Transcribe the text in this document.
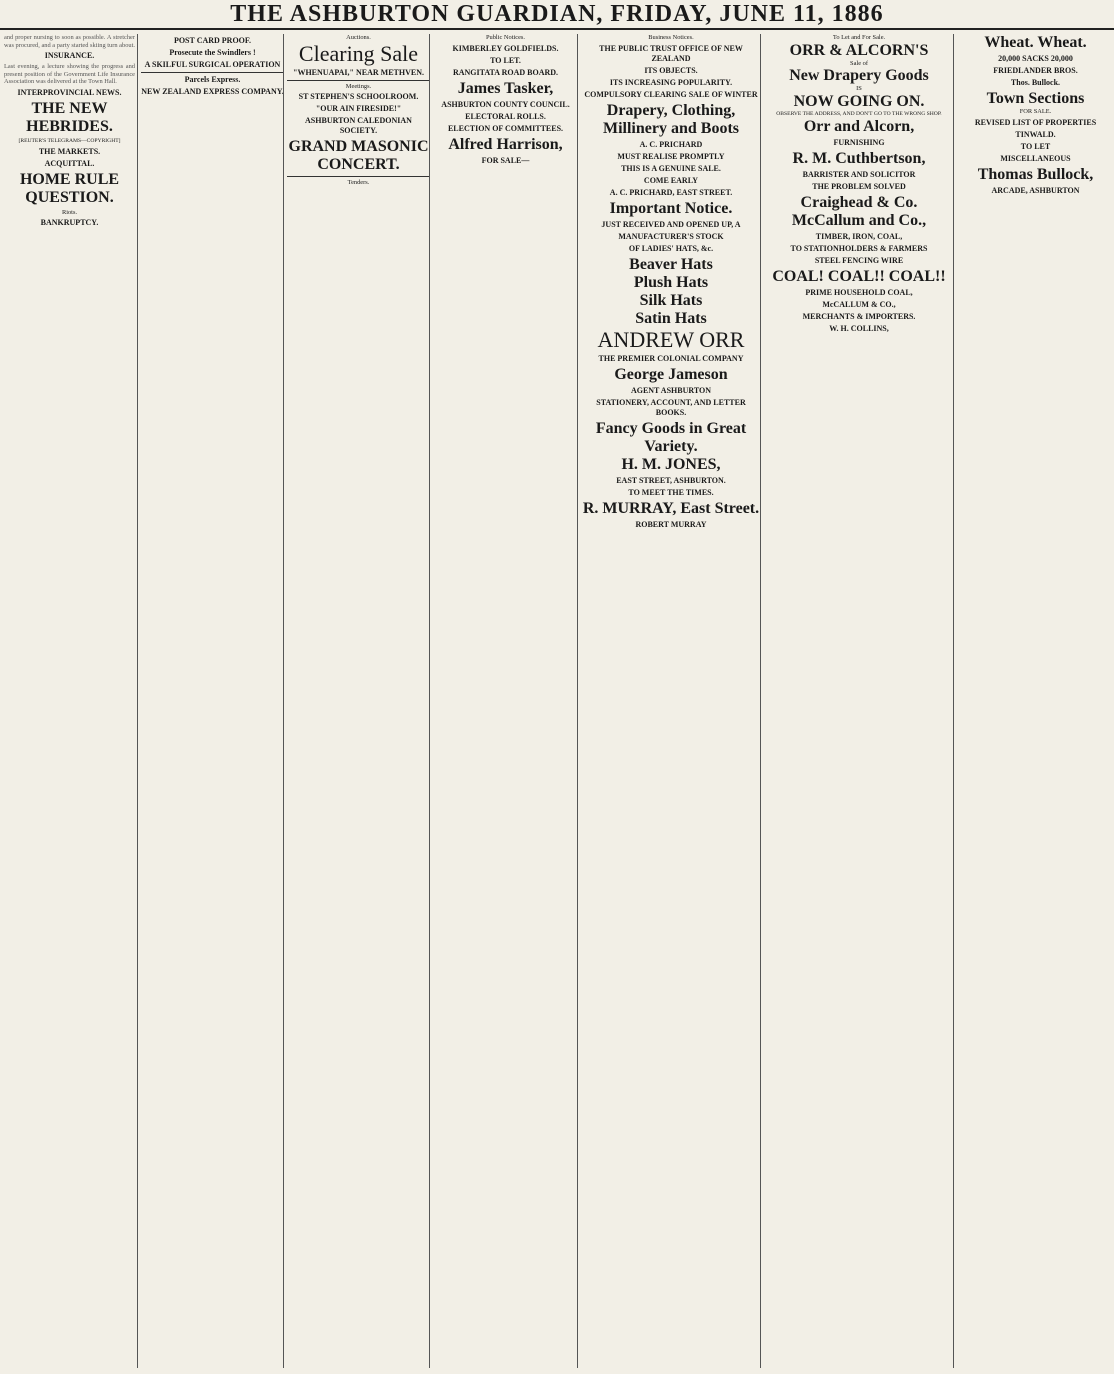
THE ASHBURTON GUARDIAN, FRIDAY, JUNE 11, 1886
and proper nursing to soon as possible. A stretcher was procured, and a party started skiing turn about.
INSURANCE.
Last evening, a lecture showing the progress and present position of the Government Life Insurance Association was delivered at the Town Hall.
INTERPROVINCIAL NEWS.
THE NEW HEBRIDES.
[REUTER'S TELEGRAMS—COPYRIGHT]
THE MARKETS.
ACQUITTAL.
HOME RULE QUESTION.
Riots.
BANKRUPTCY.
POST CARD PROOF.
Prosecute the Swindlers !
A SKILFUL SURGICAL OPERATION
Parcels Express.
NEW ZEALAND EXPRESS COMPANY.
Auctions.
Clearing Sale
"WHENUAPAI," NEAR METHVEN.
Meetings.
ST STEPHEN'S SCHOOLROOM.
"OUR AIN FIRESIDE!"
ASHBURTON CALEDONIAN SOCIETY.
GRAND MASONIC CONCERT.
Tenders.
Public Notices.
KIMBERLEY GOLDFIELDS.
TO LET.
RANGITATA ROAD BOARD.
James Tasker,
ASHBURTON COUNTY COUNCIL.
ELECTORAL ROLLS.
ELECTION OF COMMITTEES.
Alfred Harrison,
FOR SALE—
Business Notices.
THE PUBLIC TRUST OFFICE OF NEW ZEALAND
ITS OBJECTS.
ITS INCREASING POPULARITY.
COMPULSORY CLEARING SALE OF WINTER
Drapery, Clothing, Millinery and Boots
A. C. PRICHARD
MUST REALISE PROMPTLY
THIS IS A GENUINE SALE.
COME EARLY
A. C. PRICHARD, EAST STREET.
Important Notice.
JUST RECEIVED AND OPENED UP, A
MANUFACTURER'S STOCK
OF LADIES' HATS, &c.
Beaver Hats
Plush Hats
Silk Hats
Satin Hats
ANDREW ORR
THE PREMIER COLONIAL COMPANY
George Jameson
AGENT ASHBURTON
STATIONERY, ACCOUNT, AND LETTER BOOKS.
Fancy Goods in Great Variety.
H. M. JONES,
EAST STREET, ASHBURTON.
TO MEET THE TIMES.
R. MURRAY, East Street.
ROBERT MURRAY
To Let and For Sale.
ORR & ALCORN'S
Sale of
New Drapery Goods
IS
NOW GOING ON.
OBSERVE THE ADDRESS, AND DON'T GO TO THE WRONG SHOP.
Orr and Alcorn,
FURNISHING
R. M. Cuthbertson,
BARRISTER AND SOLICITOR
THE PROBLEM SOLVED
Craighead & Co.
McCallum and Co.,
TIMBER, IRON, COAL,
TO STATIONHOLDERS & FARMERS
STEEL FENCING WIRE
COAL! COAL!! COAL!!
PRIME HOUSEHOLD COAL,
McCALLUM & CO.,
MERCHANTS & IMPORTERS.
W. H. COLLINS,
Wheat. Wheat.
20,000 SACKS 20,000
FRIEDLANDER BROS.
Thos. Bullock.
Town Sections
FOR SALE.
REVISED LIST OF PROPERTIES
TINWALD.
TO LET
MISCELLANEOUS
Thomas Bullock,
ARCADE, ASHBURTON
